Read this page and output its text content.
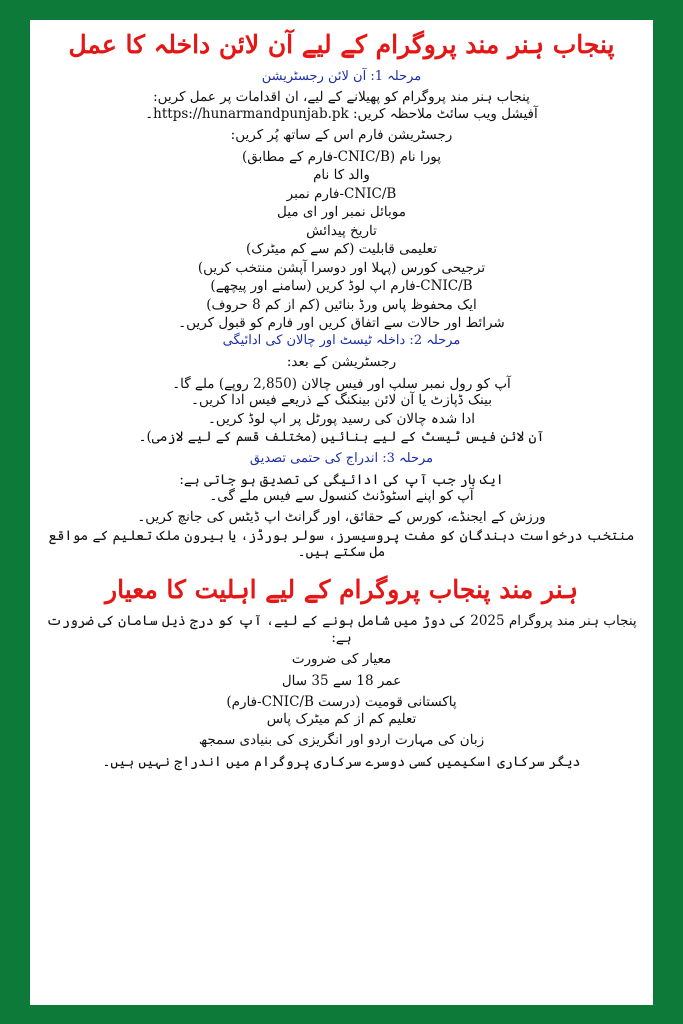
پنجاب ہنر مند پروگرام کے لیے آن لائن داخلہ کا عمل
مرحلہ 1: آن لائن رجسٹریشن

پنجاب ہنر مند پروگرام کو پھیلانے کے لیے، ان اقدامات پر عمل کریں:

آفیشل ویب سائٹ ملاحظہ کریں: https://hunarmandpunjab.pk۔

رجسٹریشن فارم اس کے ساتھ پُر کریں:

پورا نام (CNIC/B-فارم کے مطابق)

والد کا نام

CNIC/B-فارم نمبر

موبائل نمبر اور ای میل

تاریخ پیدائش

تعلیمی قابلیت (کم سے کم میٹرک)

ترجیحی کورس (پہلا اور دوسرا آپشن منتخب کریں)

CNIC/B-فارم اپ لوڈ کریں (سامنے اور پیچھے)

ایک محفوظ پاس ورڈ بنائیں (کم از کم 8 حروف)

شرائط اور حالات سے اتفاق کریں اور فارم کو قبول کریں۔

مرحلہ 2: داخلہ ٹیسٹ اور چالان کی ادائیگی

رجسٹریشن کے بعد:

آپ کو رول نمبر سلپ اور فیس چالان (2,850 روپے) ملے گا۔

بینک ڈپازٹ یا آن لائن بینکنگ کے ذریعے فیس ادا کریں۔

ادا شدہ چالان کی رسید پورٹل پر اپ لوڈ کریں۔

آن لائن فیس ٹیسٹ کے لیے بنائیں (مختلف قسم کے لیے لازمی)۔

مرحلہ 3: اندراج کی حتمی تصدیق

ایک بار جب آپ کی ادائیگی کی تصدیق ہو جاتی ہے:

آپ کو اپنے اسٹوڈنٹ کنسول سے فیس ملے گی۔

ورزش کے ایجنڈے، کورس کے حقائق، اور گرانٹ اپ ڈیٹس کی جانچ کریں۔

منتخب درخواست دہندگان کو مفت پروسیسرز، سولر بورڈز، یا بیرون ملک تعلیم کے مواقع مل سکتے ہیں۔

ہنر مند پنجاب پروگرام کے لیے اہلیت کا معیار

پنجاب ہنر مند پروگرام 2025 کی دوڑ میں شامل ہونے کے لیے، آپ کو درج ذیل سامان کی ضرورت ہے:

معیار کی ضرورت

عمر 18 سے 35 سال

پاکستانی قومیت (درست CNIC/B-فارم)

تعلیم کم از کم میٹرک پاس

زبان کی مہارت اردو اور انگریزی کی بنیادی سمجھ

دیگر سرکاری اسکیمیں کسی دوسرے سرکاری پروگرام میں اندراج نہیں ہیں۔
